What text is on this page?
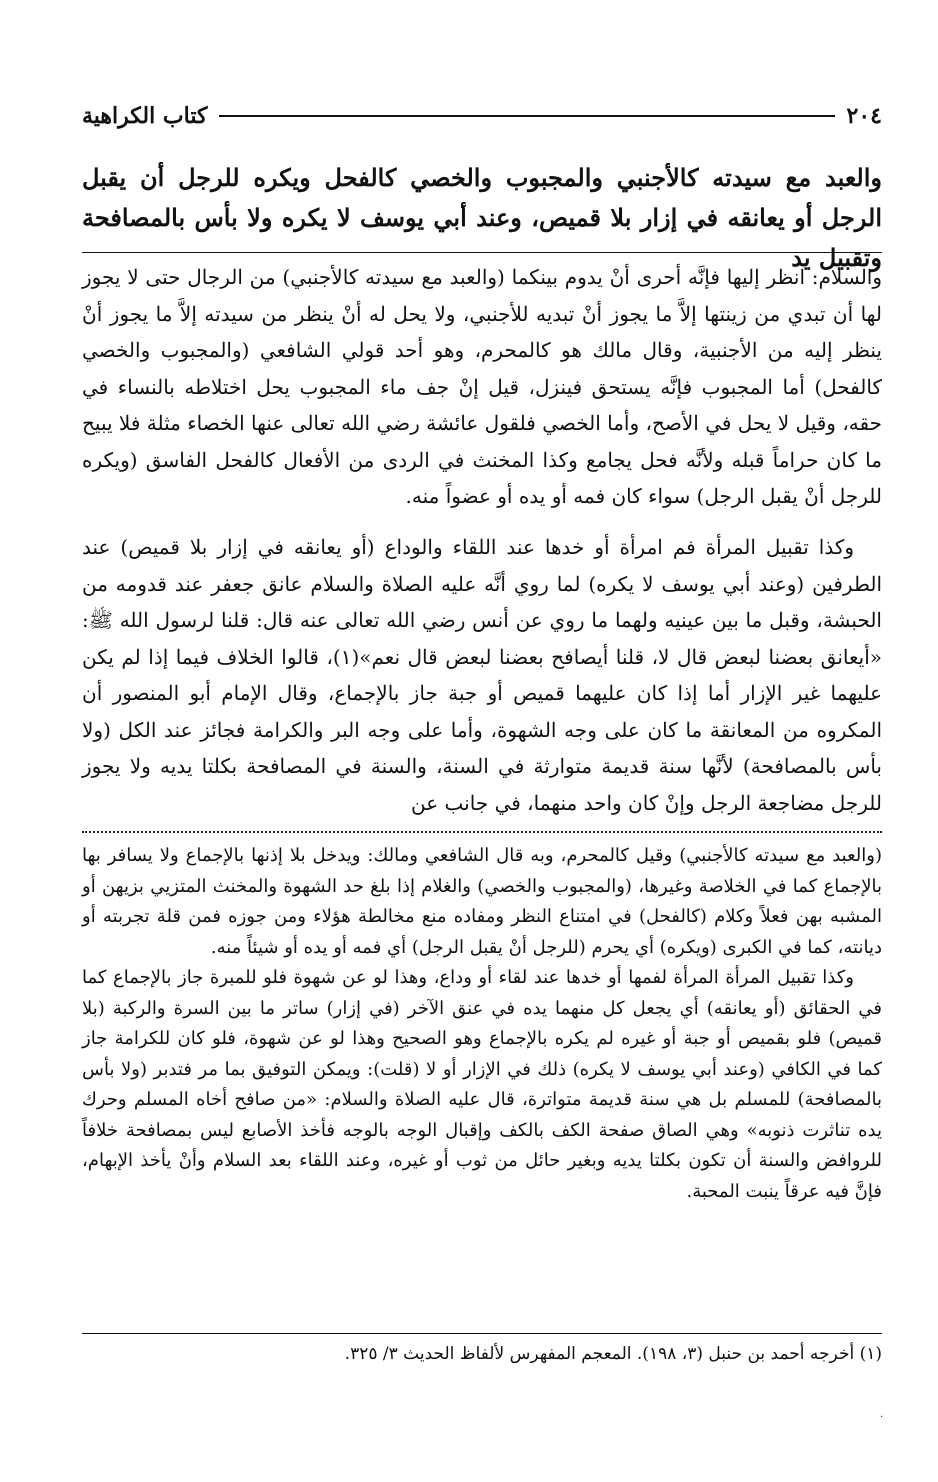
٢٠٤
كتاب الكراهية
والعبد مع سيدته كالأجنبي والمجبوب والخصي كالفحل ويكره للرجل أن يقبل الرجل أو يعانقه في إزار بلا قميص، وعند أبي يوسف لا يكره ولا بأس بالمصافحة وتقبيل يد

والسلام: انظر إليها فإنَّه أحرى أنْ يدوم بينكما (والعبد مع سيدته كالأجنبي) من الرجال حتى لا يجوز لها أن تبدي من زينتها إلاَّ ما يجوز أنْ تبديه للأجنبي، ولا يحل له أنْ ينظر من سيدته إلاَّ ما يجوز أنْ ينظر إليه من الأجنبية، وقال مالك هو كالمحرم، وهو أحد قولي الشافعي (والمجبوب والخصي كالفحل) أما المجبوب فإنَّه يستحق فينزل، قيل إنْ جف ماء المجبوب يحل اختلاطه بالنساء في حقه، وقيل لا يحل في الأصح، وأما الخصي فلقول عائشة رضي الله تعالى عنها الخصاء مثلة فلا يبيح ما كان حراماً قبله ولأنَّه فحل يجامع وكذا المخنث في الردى من الأفعال كالفحل الفاسق (ويكره للرجل أنْ يقبل الرجل) سواء كان فمه أو يده أو عضواً منه.

وكذا تقبيل المرأة فم امرأة أو خدها عند اللقاء والوداع (أو يعانقه في إزار بلا قميص) عند الطرفين (وعند أبي يوسف لا يكره) لما روي أنَّه عليه الصلاة والسلام عانق جعفر عند قدومه من الحبشة، وقبل ما بين عينيه ولهما ما روي عن أنس رضي الله تعالى عنه قال: قلنا لرسول الله ﷺ: «أيعانق بعضنا لبعض قال لا، قلنا أيصافح بعضنا لبعض قال نعم»(١)، قالوا الخلاف فيما إذا لم يكن عليهما غير الإزار أما إذا كان عليهما قميص أو جبة جاز بالإجماع، وقال الإمام أبو المنصور أن المكروه من المعانقة ما كان على وجه الشهوة، وأما على وجه البر والكرامة فجائز عند الكل (ولا بأس بالمصافحة) لأنَّها سنة قديمة متوارثة في السنة، والسنة في المصافحة بكلتا يديه ولا يجوز للرجل مضاجعة الرجل وإنْ كان واحد منهما، في جانب عن

(والعبد مع سيدته كالأجنبي) وقيل كالمحرم، وبه قال الشافعي ومالك: ويدخل بلا إذنها بالإجماع ولا يسافر بها بالإجماع كما في الخلاصة وغيرها، (والمجبوب والخصي) والغلام إذا بلغ حد الشهوة والمخنث المتزيي بزيهن أو المشبه بهن فعلاً وكلام (كالفحل) في امتناع النظر ومفاده منع مخالطة هؤلاء ومن جوزه فمن قلة تجربته أو ديانته، كما في الكبرى (ويكره) أي يحرم (للرجل أنْ يقبل الرجل) أي فمه أو يده أو شيئاً منه.

وكذا تقبيل المرأة المرأة لفمها أو خدها عند لقاء أو وداع، وهذا لو عن شهوة فلو للمبرة جاز بالإجماع كما في الحقائق (أو يعانقه) أي يجعل كل منهما يده في عنق الآخر (في إزار) ساتر ما بين السرة والركبة (بلا قميص) فلو بقميص أو جبة أو غيره لم يكره بالإجماع وهو الصحيح وهذا لو عن شهوة، فلو كان للكرامة جاز كما في الكافي (وعند أبي يوسف لا يكره) ذلك في الإزار أو لا (قلت): ويمكن التوفيق بما مر فتدبر (ولا بأس بالمصافحة) للمسلم بل هي سنة قديمة متواترة، قال عليه الصلاة والسلام: «من صافح أخاه المسلم وحرك يده تناثرت ذنوبه» وهي الصاق صفحة الكف بالكف وإقبال الوجه بالوجه فأخذ الأصابع ليس بمصافحة خلافاً للروافض والسنة أن تكون بكلتا يديه وبغير حائل من ثوب أو غيره، وعند اللقاء بعد السلام وأنْ يأخذ الإبهام، فإنَّ فيه عرقاً ينبت المحبة.

(١) أخرجه أحمد بن حنبل (٣، ١٩٨). المعجم المفهرس لألفاظ الحديث ٣/ ٣٢٥.
·
